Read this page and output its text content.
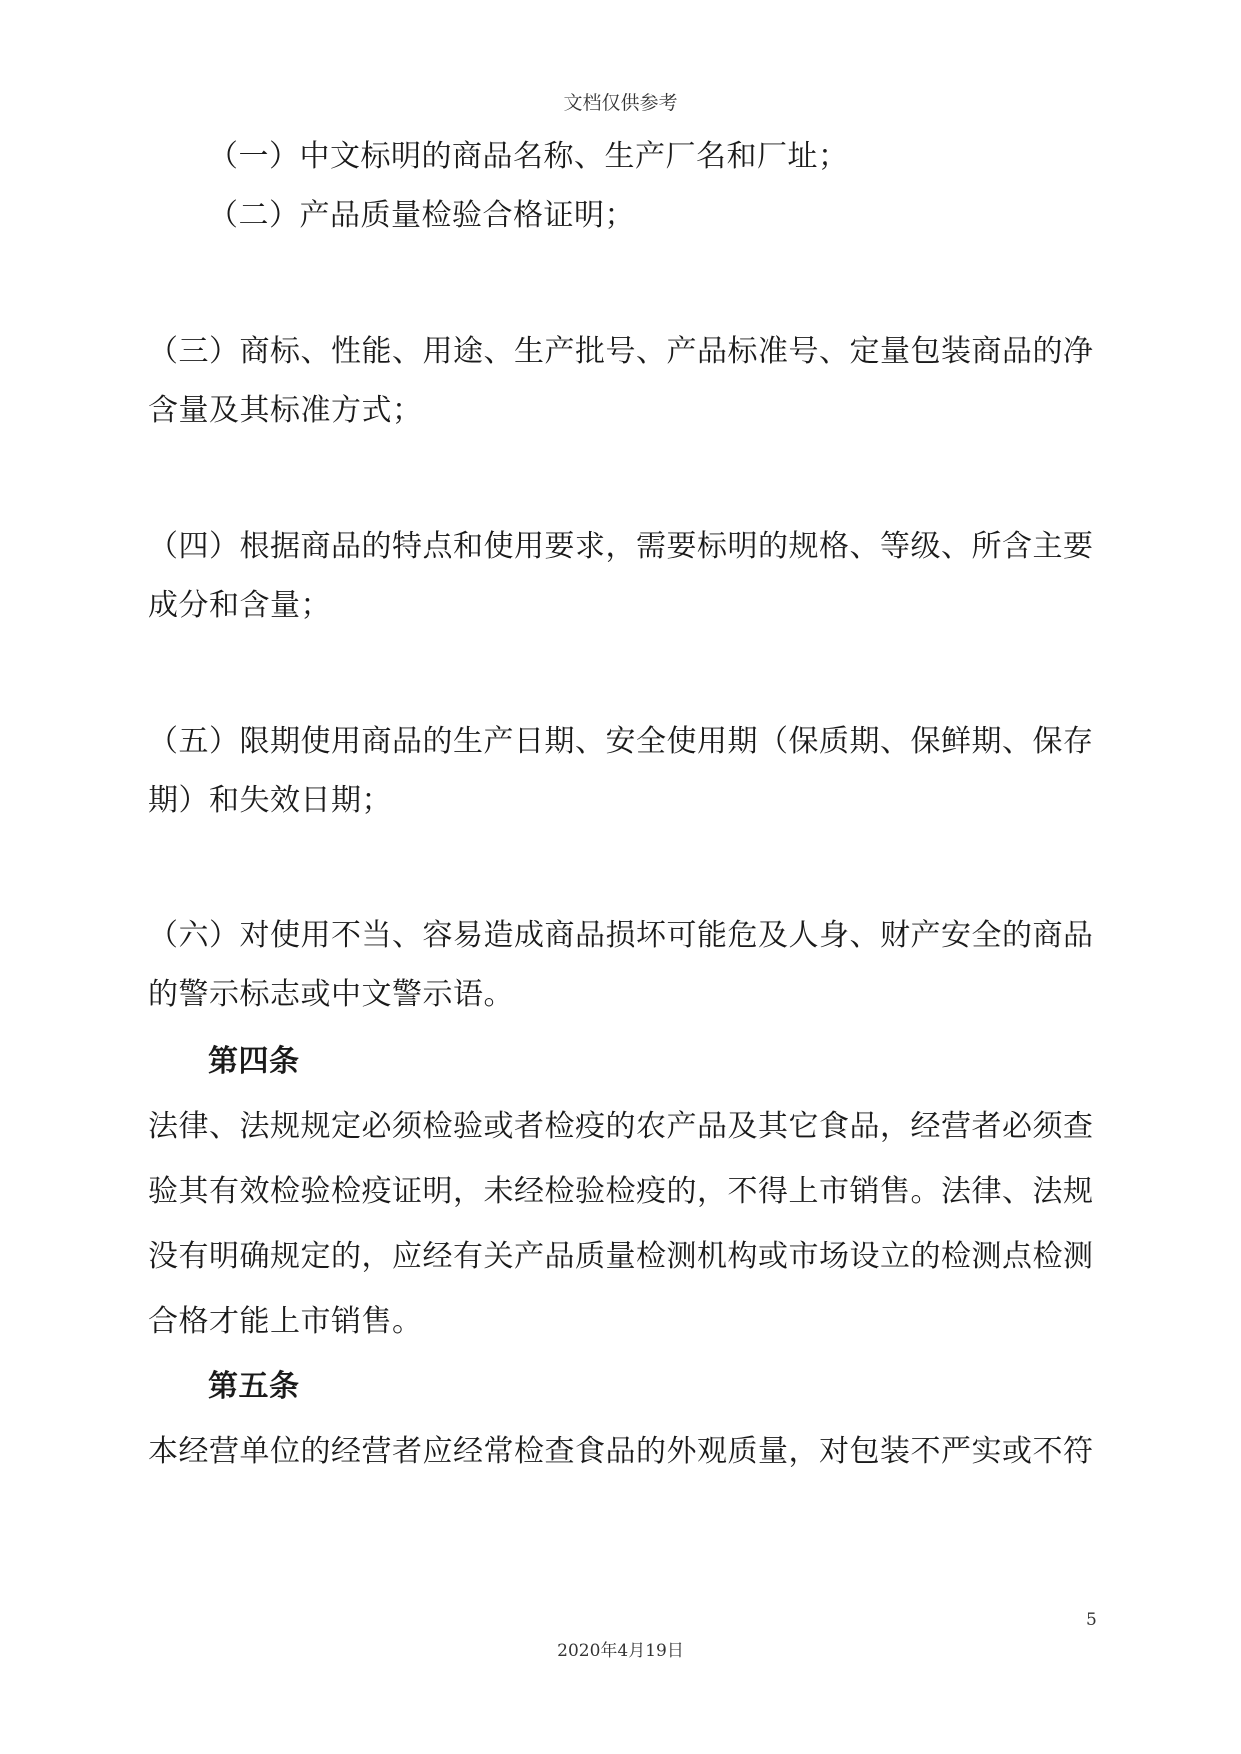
文档仅供参考
（一）中文标明的商品名称、生产厂名和厂址；
（二）产品质量检验合格证明；
（三）商标、性能、用途、生产批号、产品标准号、定量包装商品的净
含量及其标准方式；
（四）根据商品的特点和使用要求，需要标明的规格、等级、所含主要
成分和含量；
（五）限期使用商品的生产日期、安全使用期（保质期、保鲜期、保存
期）和失效日期；
（六）对使用不当、容易造成商品损坏可能危及人身、财产安全的商品
的警示标志或中文警示语。
第四条
法律、法规规定必须检验或者检疫的农产品及其它食品，经营者必须查
验其有效检验检疫证明，未经检验检疫的，不得上市销售。法律、法规
没有明确规定的，应经有关产品质量检测机构或市场设立的检测点检测
合格才能上市销售。
第五条
本经营单位的经营者应经常检查食品的外观质量，对包装不严实或不符
5
2020年4月19日
